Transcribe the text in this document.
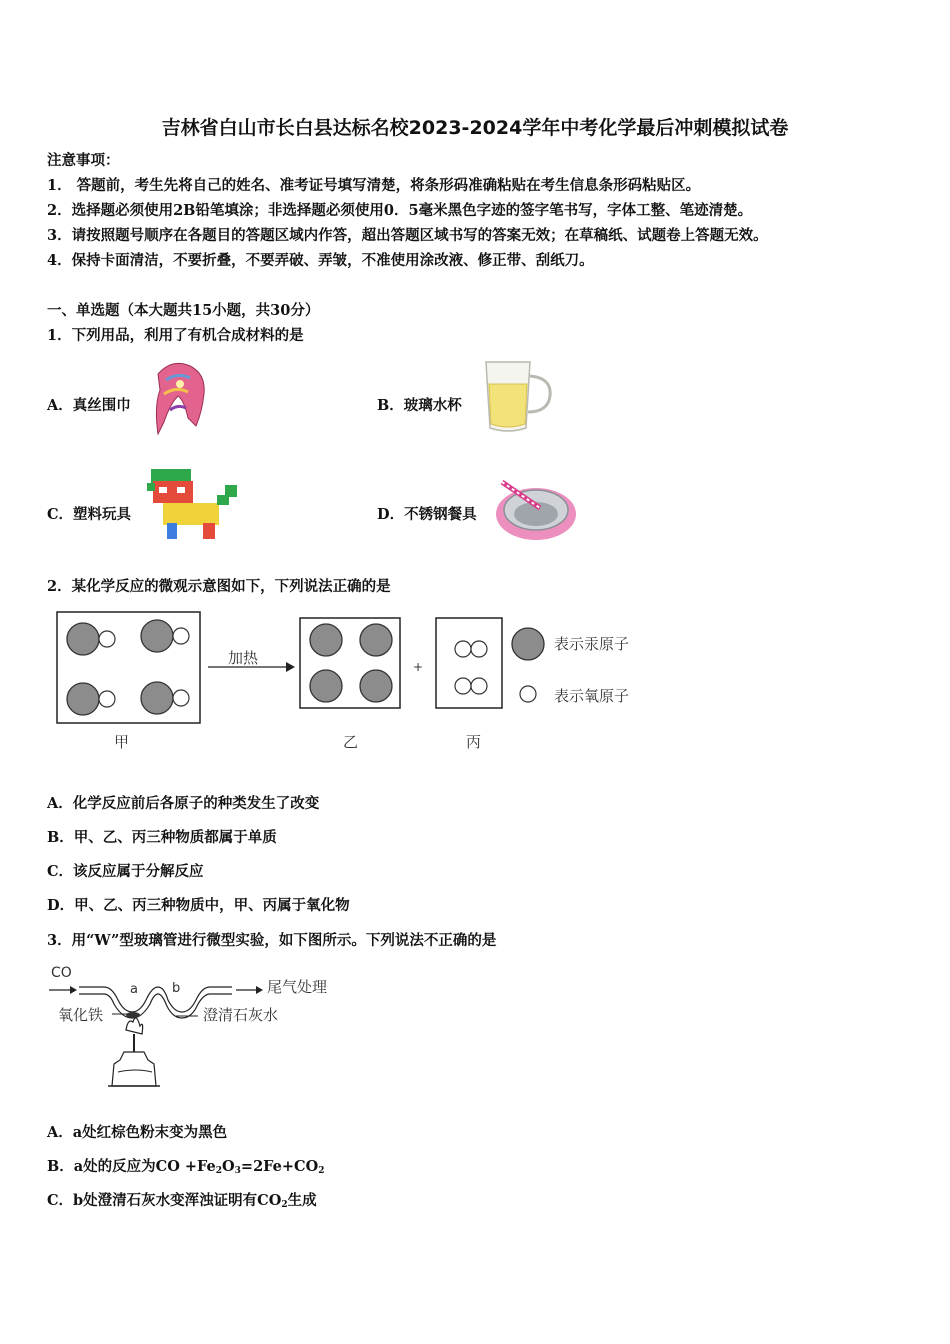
吉林省白山市长白县达标名校2023-2024学年中考化学最后冲刺模拟试卷
注意事项：
1． 答题前，考生先将自己的姓名、准考证号填写清楚，将条形码准确粘贴在考生信息条形码粘贴区。
2．选择题必须使用2B铅笔填涂；非选择题必须使用0．5毫米黑色字迹的签字笔书写，字体工整、笔迹清楚。
3．请按照题号顺序在各题目的答题区域内作答，超出答题区域书写的答案无效；在草稿纸、试题卷上答题无效。
4．保持卡面清洁，不要折叠，不要弄破、弄皱，不准使用涂改液、修正带、刮纸刀。
一、单选题（本大题共15小题，共30分）
1．下列用品，利用了有机合成材料的是
A．真丝围巾	B．玻璃水杯
C．塑料玩具	D．不锈钢餐具
2．某化学反应的微观示意图如下，下列说法正确的是
加热	+
表示汞原子
表示氧原子
甲	乙	丙
A．化学反应前后各原子的种类发生了改变
B．甲、乙、丙三种物质都属于单质
C．该反应属于分解反应
D．甲、乙、丙三种物质中，甲、丙属于氧化物
3．用“W”型玻璃管进行微型实验，如下图所示。下列说法不正确的是
CO
a	b	尾气处理
氧化铁	澄清石灰水
A．a处红棕色粉末变为黑色
B．a处的反应为CO $+Fe_2O_3=2Fe+CO_2$
C．b处澄清石灰水变浑浊证明有$CO_2$生成
